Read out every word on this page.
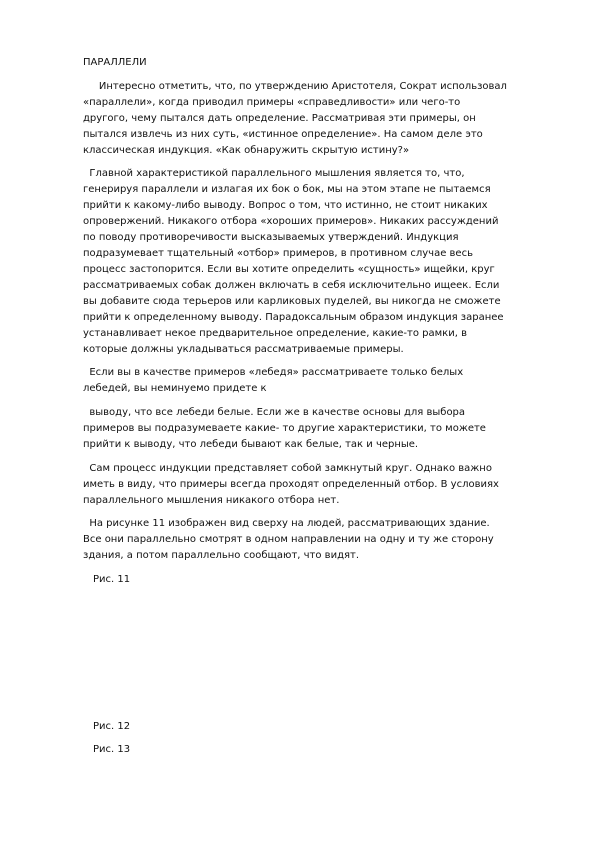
ПАРАЛЛЕЛИ
Интересно отметить, что, по утверждению Аристотеля, Сократ использовал
«параллели», когда приводил примеры «справедливости» или чего-то
другого, чему пытался дать определение. Рассматривая эти примеры, он
пытался извлечь из них суть, «истинное определение». На самом деле это
классическая индукция. «Как обнаружить скрытую истину?»
Главной характеристикой параллельного мышления является то, что,
генерируя параллели и излагая их бок о бок, мы на этом этапе не пытаемся
прийти к какому-либо выводу. Вопрос о том, что истинно, не стоит никаких
опровержений. Никакого отбора «хороших примеров». Никаких рассуждений
по поводу противоречивости высказываемых утверждений. Индукция
подразумевает тщательный «отбор» примеров, в противном случае весь
процесс застопорится. Если вы хотите определить «сущность» ищейки, круг
рассматриваемых собак должен включать в себя исключительно ищеек. Если
вы добавите сюда терьеров или карликовых пуделей, вы никогда не сможете
прийти к определенному выводу. Парадоксальным образом индукция заранее
устанавливает некое предварительное определение, какие-то рамки, в
которые должны укладываться рассматриваемые примеры.
Если вы в качестве примеров «лебедя» рассматриваете только белых
лебедей, вы неминуемо придете к
выводу, что все лебеди белые. Если же в качестве основы для выбора
примеров вы подразумеваете какие- то другие характеристики, то можете
прийти к выводу, что лебеди бывают как белые, так и черные.
Сам процесс индукции представляет собой замкнутый круг. Однако важно
иметь в виду, что примеры всегда проходят определенный отбор. В условиях
параллельного мышления никакого отбора нет.
На рисунке 11 изображен вид сверху на людей, рассматривающих здание.
Все они параллельно смотрят в одном направлении на одну и ту же сторону
здания, а потом параллельно сообщают, что видят.
Рис. 11
Рис. 12
Рис. 13
